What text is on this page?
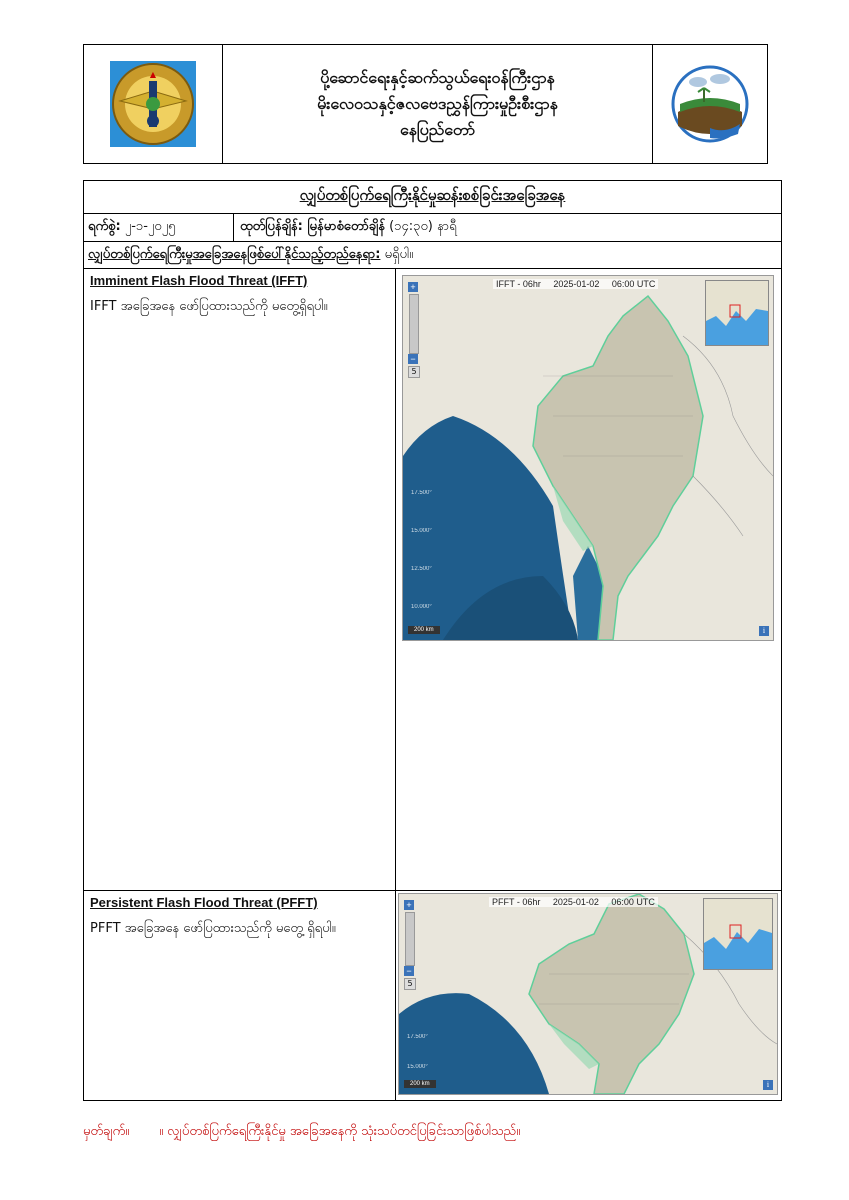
▲	ပို့ဆောင်ရေးနှင့်ဆက်သွယ်ရေးဝန်ကြီးဌာန
မိုးလေဝသနှင့်ဇလဗေဒညွှန်ကြားမှုဦးစီးဌာန
နေပြည်တော်
လျှပ်တစ်ပြက်ရေကြီးနိုင်မှုဆန်းစစ်ခြင်းအခြေအနေ
ရက်စွဲ:
၂-၁-၂၀၂၅	ထုတ်ပြန်ချိန်: မြန်မာစံတော်ချိန်
(၁၄:၃၀) နာရီ
လျှပ်တစ်ပြက်ရေကြီးမှုအခြေအနေဖြစ်ပေါ်နိုင်သည့်တည်နေရာ:
မရှိပါ။
Imminent Flash Flood Threat (IFFT)
IFFT အခြေအနေ ဖော်ပြထားသည်ကို မတွေ့ရှိရပါ။
IFFT - 06hr     2025-01-02     06:00 UTC
+
−
5
17.500°
15.000°
12.500°
10.000°
200 km	i
Persistent Flash Flood Threat (PFFT)
PFFT အခြေအနေ ဖော်ပြထားသည်ကို မတွေ့ ရှိရပါ။
PFFT - 06hr     2025-01-02     06:00 UTC
+
−
5
17.500°
15.000°
200 km	i
မှတ်ချက်။ ။ လျှပ်တစ်ပြက်ရေကြီးနိုင်မှု အခြေအနေကို သုံးသပ်တင်ပြခြင်းသာဖြစ်ပါသည်။
